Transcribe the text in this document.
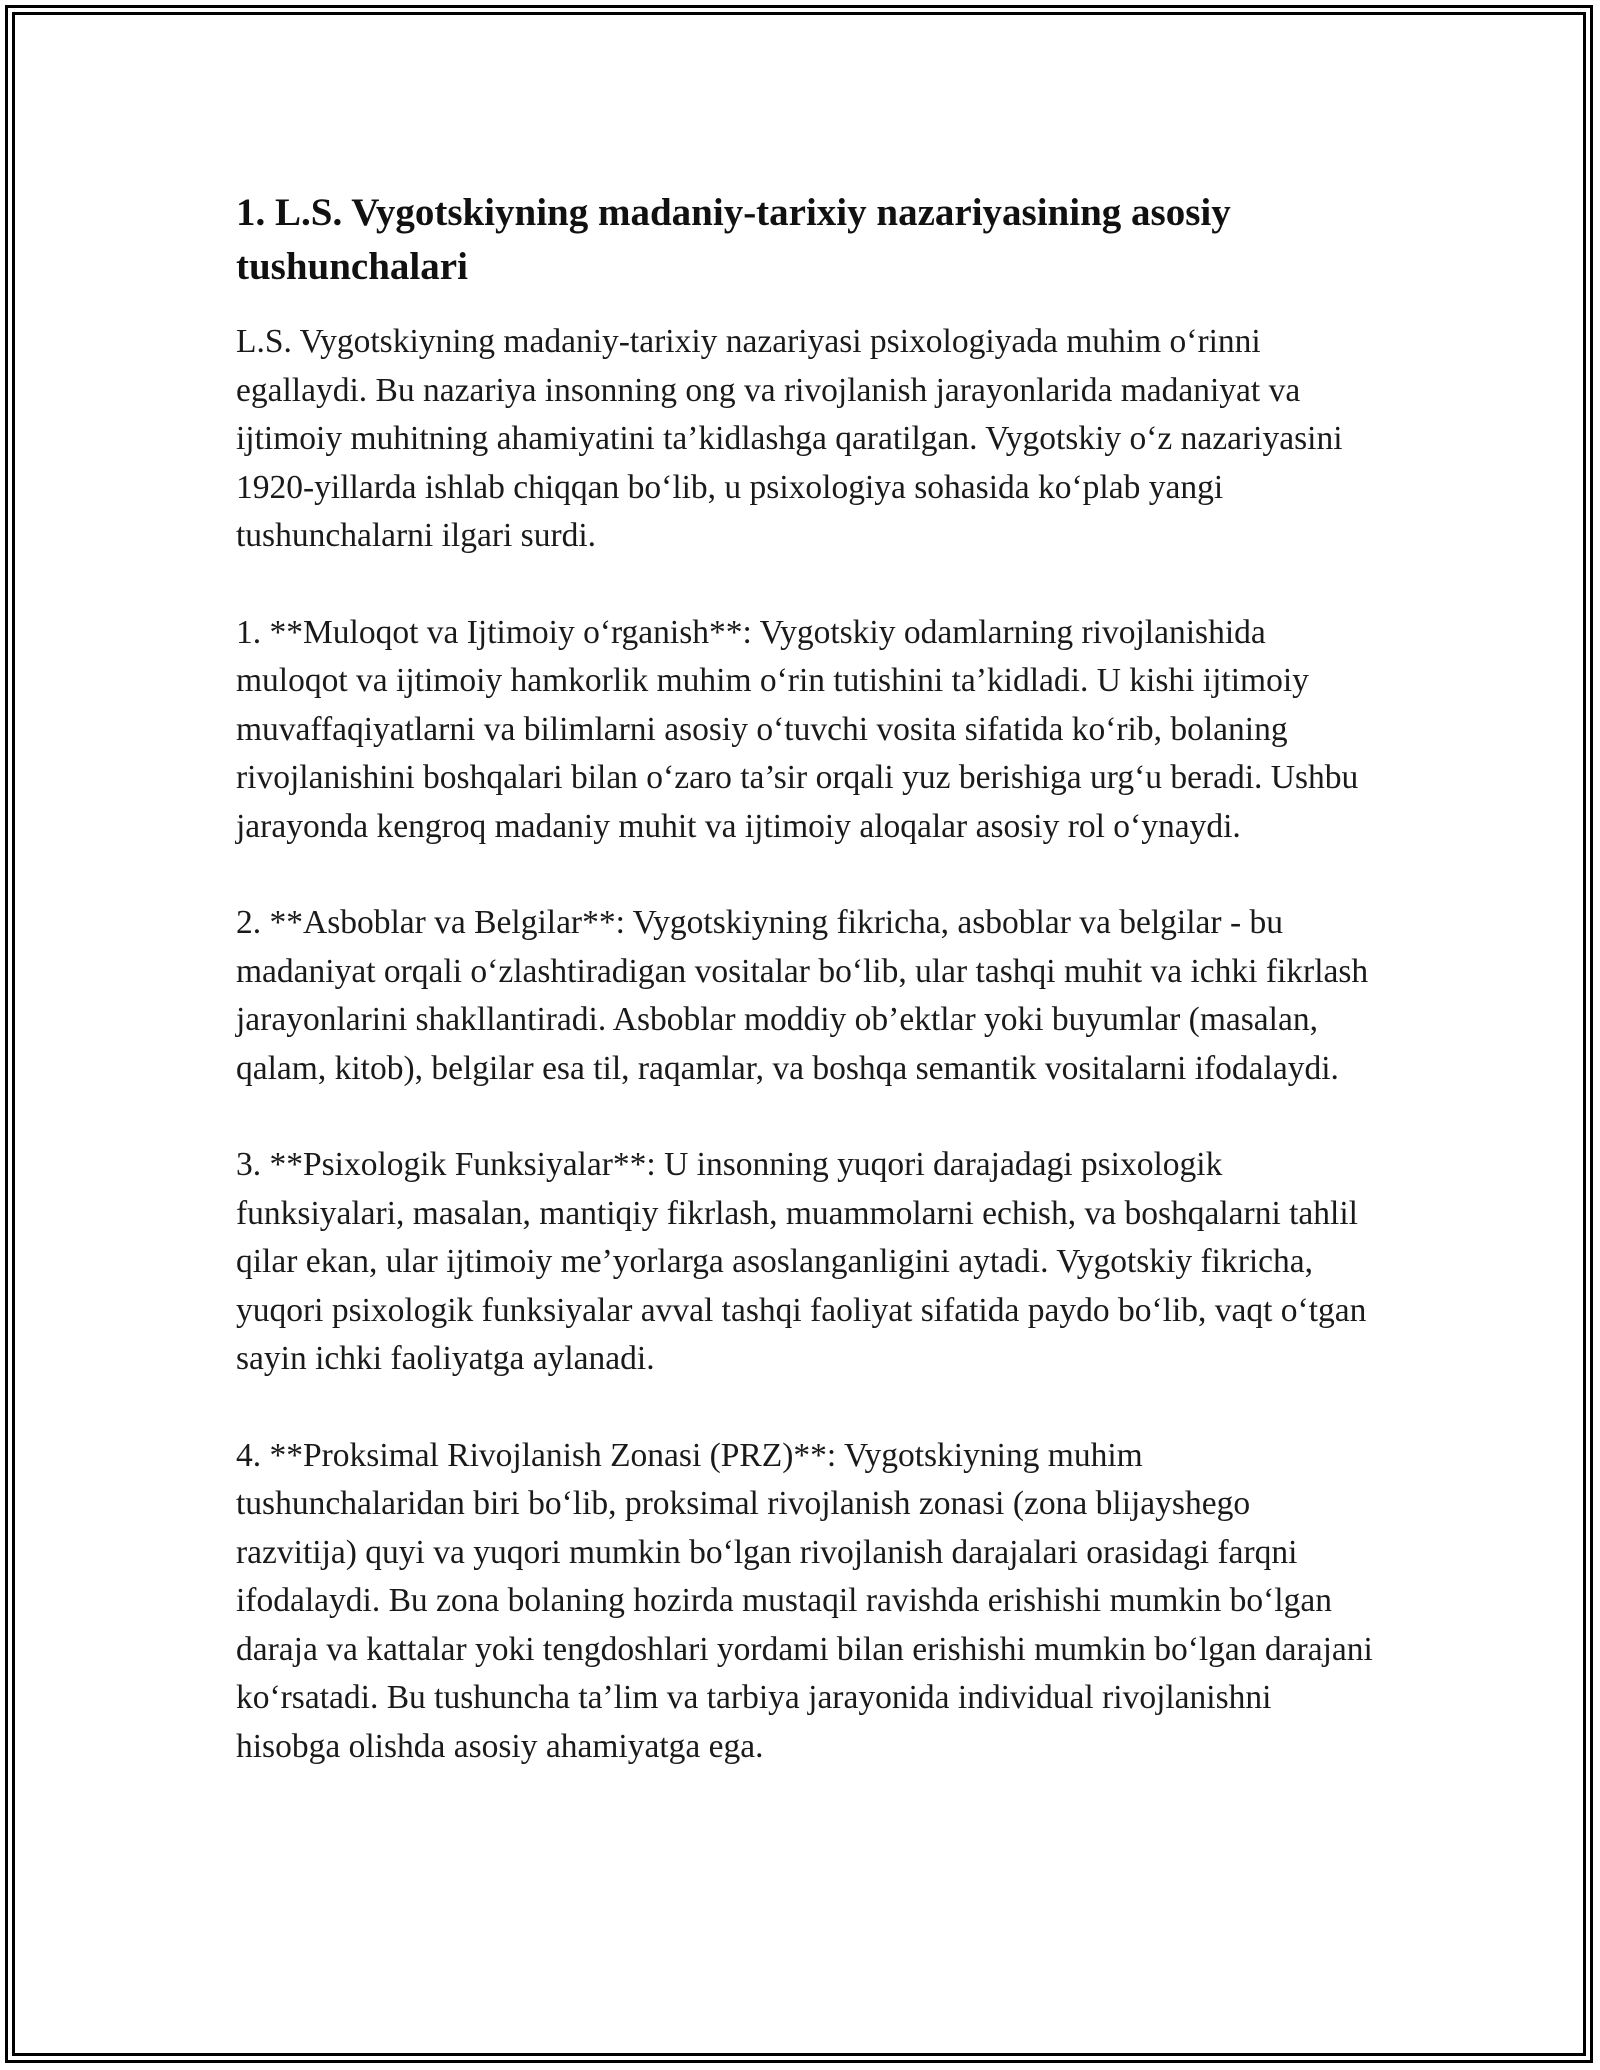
1. L.S. Vygotskiyning madaniy-tarixiy nazariyasining asosiy tushunchalari

L.S. Vygotskiyning madaniy-tarixiy nazariyasi psixologiyada muhim o‘rinni egallaydi. Bu nazariya insonning ong va rivojlanish jarayonlarida madaniyat va ijtimoiy muhitning ahamiyatini ta’kidlashga qaratilgan. Vygotskiy o‘z nazariyasini 1920-yillarda ishlab chiqqan bo‘lib, u psixologiya sohasida ko‘plab yangi tushunchalarni ilgari surdi.

1. **Muloqot va Ijtimoiy o‘rganish**: Vygotskiy odamlarning rivojlanishida muloqot va ijtimoiy hamkorlik muhim o‘rin tutishini ta’kidladi. U kishi ijtimoiy muvaffaqiyatlarni va bilimlarni asosiy o‘tuvchi vosita sifatida ko‘rib, bolaning rivojlanishini boshqalari bilan o‘zaro ta’sir orqali yuz berishiga urg‘u beradi. Ushbu jarayonda kengroq madaniy muhit va ijtimoiy aloqalar asosiy rol o‘ynaydi.

2. **Asboblar va Belgilar**: Vygotskiyning fikricha, asboblar va belgilar - bu madaniyat orqali o‘zlashtiradigan vositalar bo‘lib, ular tashqi muhit va ichki fikrlash jarayonlarini shakllantiradi. Asboblar moddiy ob’ektlar yoki buyumlar (masalan, qalam, kitob), belgilar esa til, raqamlar, va boshqa semantik vositalarni ifodalaydi.

3. **Psixologik Funksiyalar**: U insonning yuqori darajadagi psixologik funksiyalari, masalan, mantiqiy fikrlash, muammolarni echish, va boshqalarni tahlil qilar ekan, ular ijtimoiy me’yorlarga asoslanganligini aytadi. Vygotskiy fikricha, yuqori psixologik funksiyalar avval tashqi faoliyat sifatida paydo bo‘lib, vaqt o‘tgan sayin ichki faoliyatga aylanadi.

4. **Proksimal Rivojlanish Zonasi (PRZ)**: Vygotskiyning muhim tushunchalaridan biri bo‘lib, proksimal rivojlanish zonasi (zona blijayshego razvitija) quyi va yuqori mumkin bo‘lgan rivojlanish darajalari orasidagi farqni ifodalaydi. Bu zona bolaning hozirda mustaqil ravishda erishishi mumkin bo‘lgan daraja va kattalar yoki tengdoshlari yordami bilan erishishi mumkin bo‘lgan darajani ko‘rsatadi. Bu tushuncha ta’lim va tarbiya jarayonida individual rivojlanishni hisobga olishda asosiy ahamiyatga ega.
